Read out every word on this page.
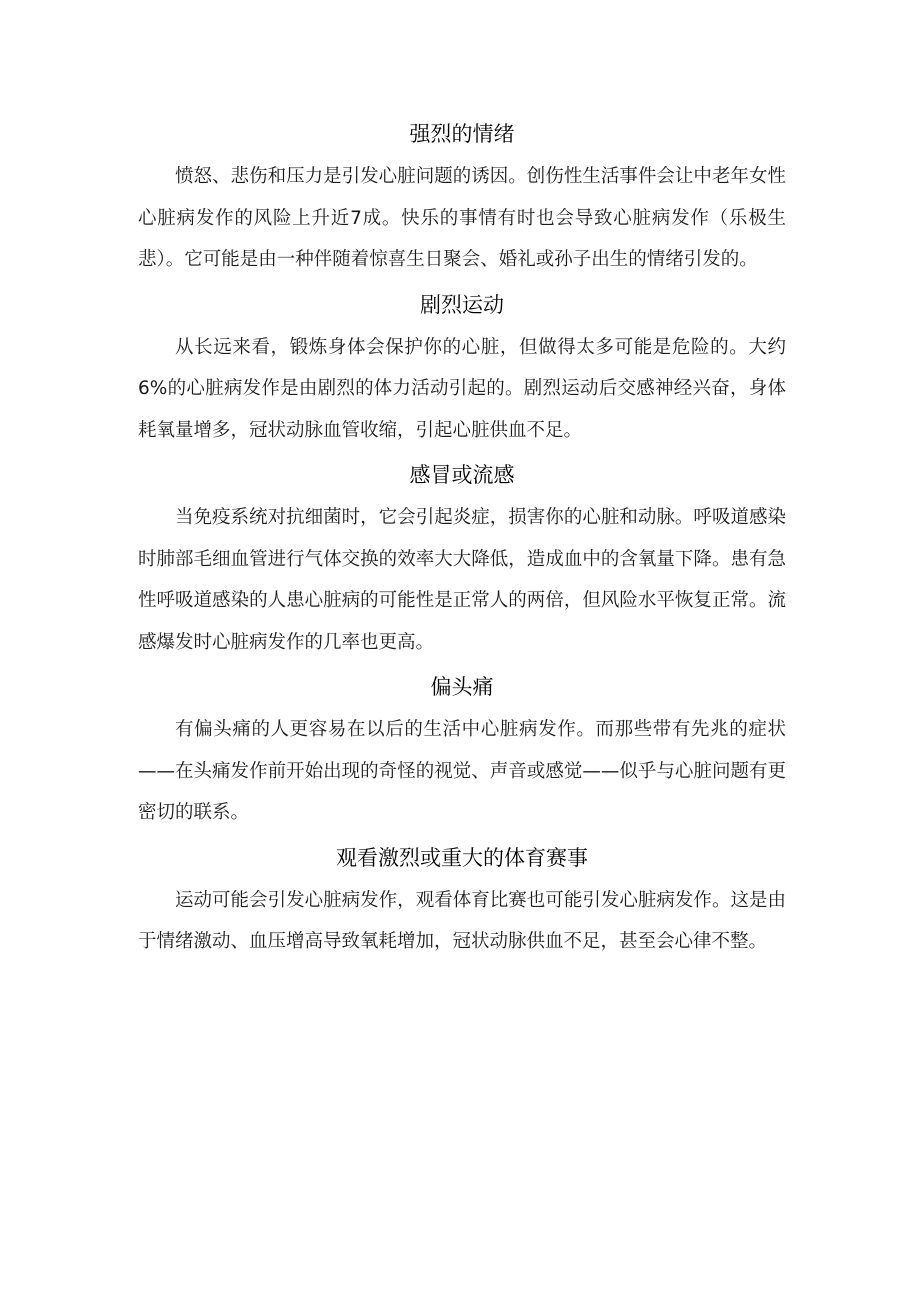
强烈的情绪

愤怒、悲伤和压力是引发心脏问题的诱因。创伤性生活事件会让中老年女性心脏病发作的风险上升近7成。快乐的事情有时也会导致心脏病发作（乐极生悲）。它可能是由一种伴随着惊喜生日聚会、婚礼或孙子出生的情绪引发的。

剧烈运动

从长远来看，锻炼身体会保护你的心脏，但做得太多可能是危险的。大约6%的心脏病发作是由剧烈的体力活动引起的。剧烈运动后交感神经兴奋，身体耗氧量增多，冠状动脉血管收缩，引起心脏供血不足。

感冒或流感

当免疫系统对抗细菌时，它会引起炎症，损害你的心脏和动脉。呼吸道感染时肺部毛细血管进行气体交换的效率大大降低，造成血中的含氧量下降。患有急性呼吸道感染的人患心脏病的可能性是正常人的两倍，但风险水平恢复正常。流感爆发时心脏病发作的几率也更高。

偏头痛

有偏头痛的人更容易在以后的生活中心脏病发作。而那些带有先兆的症状——在头痛发作前开始出现的奇怪的视觉、声音或感觉——似乎与心脏问题有更密切的联系。

观看激烈或重大的体育赛事

运动可能会引发心脏病发作，观看体育比赛也可能引发心脏病发作。这是由于情绪激动、血压增高导致氧耗增加，冠状动脉供血不足，甚至会心律不整。
